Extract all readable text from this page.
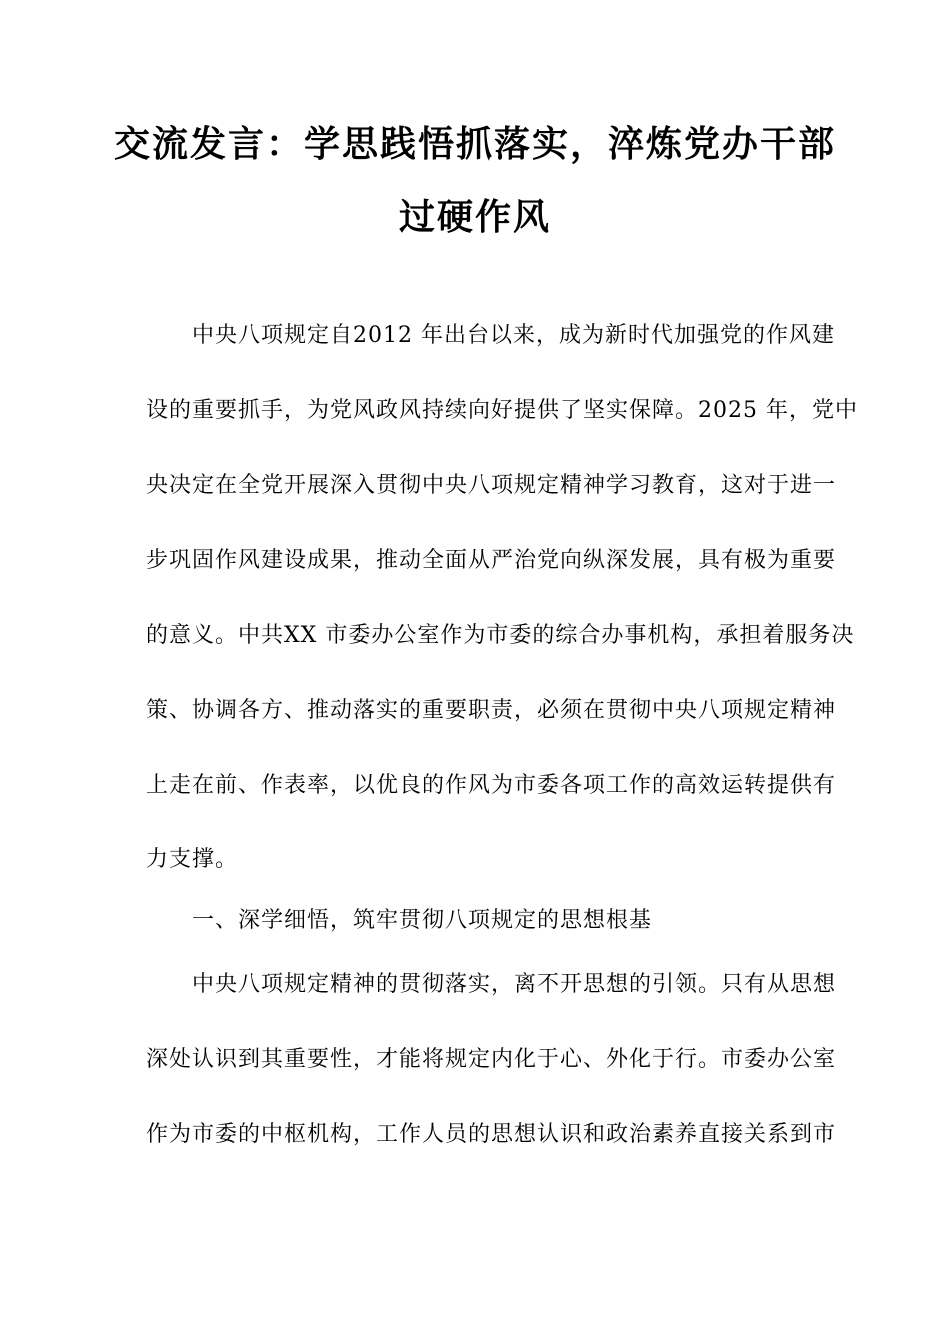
交流发言：学思践悟抓落实，淬炼党办干部
过硬作风
中央八项规定自2012 年出台以来，成为新时代加强党的作风建
设的重要抓手，为党风政风持续向好提供了坚实保障。2025 年，党中
央决定在全党开展深入贯彻中央八项规定精神学习教育，这对于进一
步巩固作风建设成果，推动全面从严治党向纵深发展，具有极为重要
的意义。中共XX 市委办公室作为市委的综合办事机构，承担着服务决
策、协调各方、推动落实的重要职责，必须在贯彻中央八项规定精神
上走在前、作表率，以优良的作风为市委各项工作的高效运转提供有
力支撑。
一、深学细悟，筑牢贯彻八项规定的思想根基
中央八项规定精神的贯彻落实，离不开思想的引领。只有从思想
深处认识到其重要性，才能将规定内化于心、外化于行。市委办公室
作为市委的中枢机构，工作人员的思想认识和政治素养直接关系到市
